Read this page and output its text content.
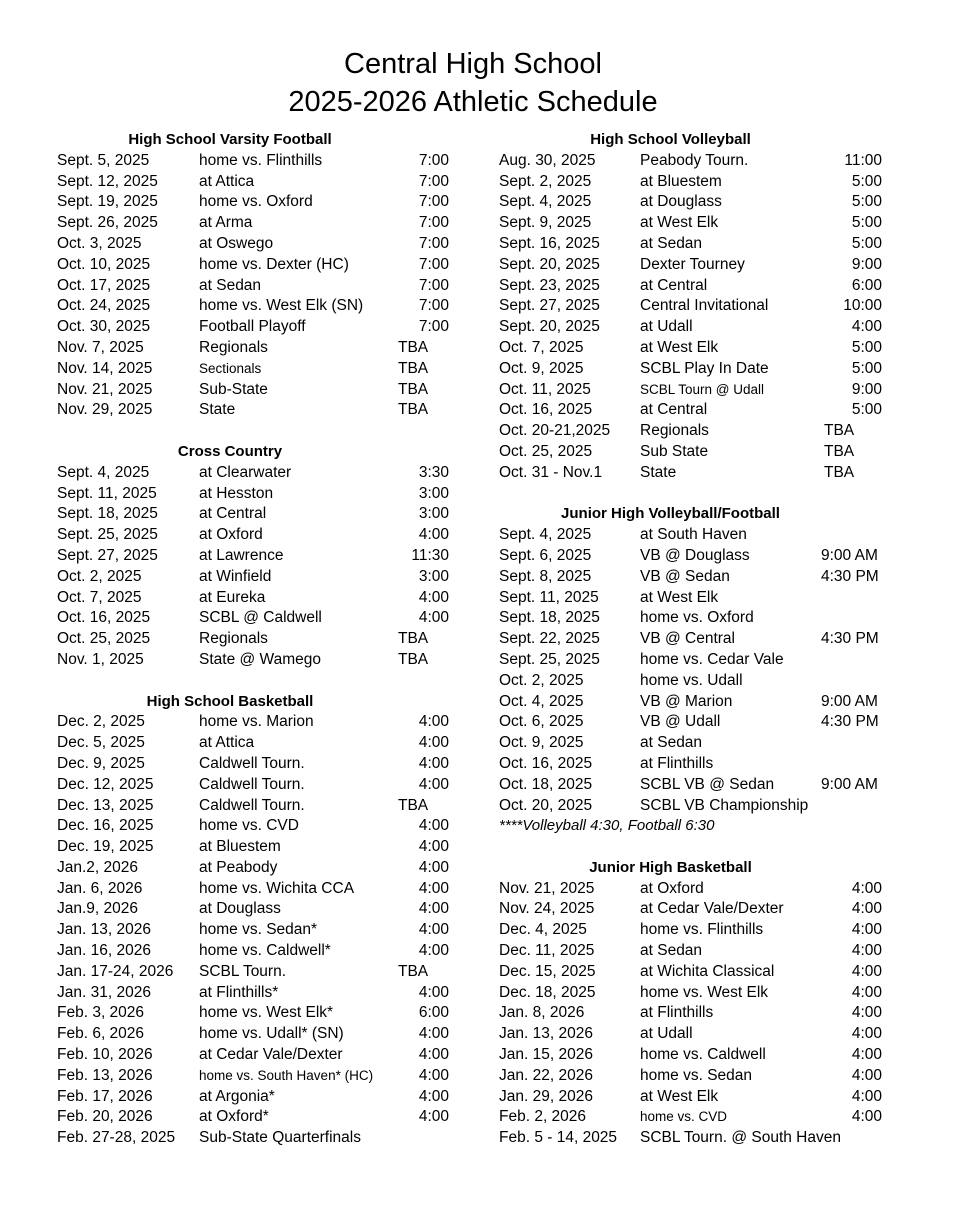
Central High School
2025-2026 Athletic Schedule
High School Varsity Football
Sept. 5, 2025	home vs. Flinthills	7:00
Sept. 12, 2025	at Attica	7:00
Sept. 19, 2025	home vs. Oxford	7:00
Sept. 26, 2025	at Arma	7:00
Oct. 3, 2025	at Oswego	7:00
Oct. 10, 2025	home vs. Dexter (HC)	7:00
Oct. 17, 2025	at Sedan	7:00
Oct. 24, 2025	home vs. West Elk (SN)	7:00
Oct. 30, 2025	Football Playoff	7:00
Nov. 7, 2025	Regionals	TBA
Nov. 14, 2025	Sectionals	TBA
Nov. 21, 2025	Sub-State	TBA
Nov. 29, 2025	State	TBA
Cross Country
Sept. 4, 2025	at Clearwater	3:30
Sept. 11, 2025	at Hesston	3:00
Sept. 18, 2025	at Central	3:00
Sept. 25, 2025	at Oxford	4:00
Sept. 27, 2025	at Lawrence	11:30
Oct. 2, 2025	at Winfield	3:00
Oct. 7, 2025	at Eureka	4:00
Oct. 16, 2025	SCBL @ Caldwell	4:00
Oct. 25, 2025	Regionals	TBA
Nov. 1, 2025	State @ Wamego	TBA
High School Basketball
Dec. 2, 2025	home vs. Marion	4:00
Dec. 5, 2025	at Attica	4:00
Dec. 9, 2025	Caldwell Tourn.	4:00
Dec. 12, 2025	Caldwell Tourn.	4:00
Dec. 13, 2025	Caldwell Tourn.	TBA
Dec. 16, 2025	home vs. CVD	4:00
Dec. 19, 2025	at Bluestem	4:00
Jan.2, 2026	at Peabody	4:00
Jan. 6, 2026	home vs. Wichita CCA	4:00
Jan.9, 2026	at Douglass	4:00
Jan. 13, 2026	home vs. Sedan*	4:00
Jan. 16, 2026	home vs. Caldwell*	4:00
Jan. 17-24, 2026 SCBL Tourn.	TBA
Jan. 31, 2026	at Flinthills*	4:00
Feb. 3, 2026	home vs. West Elk*	6:00
Feb. 6, 2026	home vs. Udall* (SN)	4:00
Feb. 10, 2026	at Cedar Vale/Dexter	4:00
Feb. 13, 2026	home vs. South Haven* (HC)	4:00
Feb. 17, 2026	at Argonia*	4:00
Feb. 20, 2026	at Oxford*	4:00
Feb. 27-28, 2025 Sub-State Quarterfinals
High School Volleyball
Aug. 30, 2025	Peabody Tourn.	11:00
Sept. 2, 2025	at Bluestem	5:00
Sept. 4, 2025	at Douglass	5:00
Sept. 9, 2025	at West Elk	5:00
Sept. 16, 2025	at Sedan	5:00
Sept. 20, 2025	Dexter Tourney	9:00
Sept. 23, 2025	at Central	6:00
Sept. 27, 2025	Central Invitational	10:00
Sept. 20, 2025	at Udall	4:00
Oct. 7, 2025	at West Elk	5:00
Oct. 9, 2025	SCBL Play In Date	5:00
Oct. 11, 2025	SCBL Tourn @ Udall	9:00
Oct. 16, 2025	at Central	5:00
Oct. 20-21,2025 Regionals	TBA
Oct. 25, 2025	Sub State	TBA
Oct. 31 - Nov.1 State	TBA
Junior High Volleyball/Football
Sept. 4, 2025	at South Haven
Sept. 6, 2025	VB @ Douglass	9:00 AM
Sept. 8, 2025	VB @ Sedan	4:30 PM
Sept. 11, 2025	at West Elk
Sept. 18, 2025	home vs. Oxford
Sept. 22, 2025	VB @ Central	4:30 PM
Sept. 25, 2025	home vs. Cedar Vale
Oct. 2, 2025	home vs. Udall
Oct. 4, 2025	VB @ Marion	9:00 AM
Oct. 6, 2025	VB @ Udall	4:30 PM
Oct. 9, 2025	at Sedan
Oct. 16, 2025	at Flinthills
Oct. 18, 2025	SCBL VB @ Sedan	9:00 AM
Oct. 20, 2025	SCBL VB Championship
****Volleyball 4:30, Football 6:30
Junior High Basketball
Nov. 21, 2025	at Oxford	4:00
Nov. 24, 2025	at Cedar Vale/Dexter	4:00
Dec. 4, 2025	home vs. Flinthills	4:00
Dec. 11, 2025	at Sedan	4:00
Dec. 15, 2025	at Wichita Classical	4:00
Dec. 18, 2025	home vs. West Elk	4:00
Jan. 8, 2026	at Flinthills	4:00
Jan. 13, 2026	at Udall	4:00
Jan. 15, 2026	home vs. Caldwell	4:00
Jan. 22, 2026	home vs. Sedan	4:00
Jan. 29, 2026	at West Elk	4:00
Feb. 2, 2026	home vs. CVD	4:00
Feb. 5 - 14, 2025 SCBL Tourn. @ South Haven
